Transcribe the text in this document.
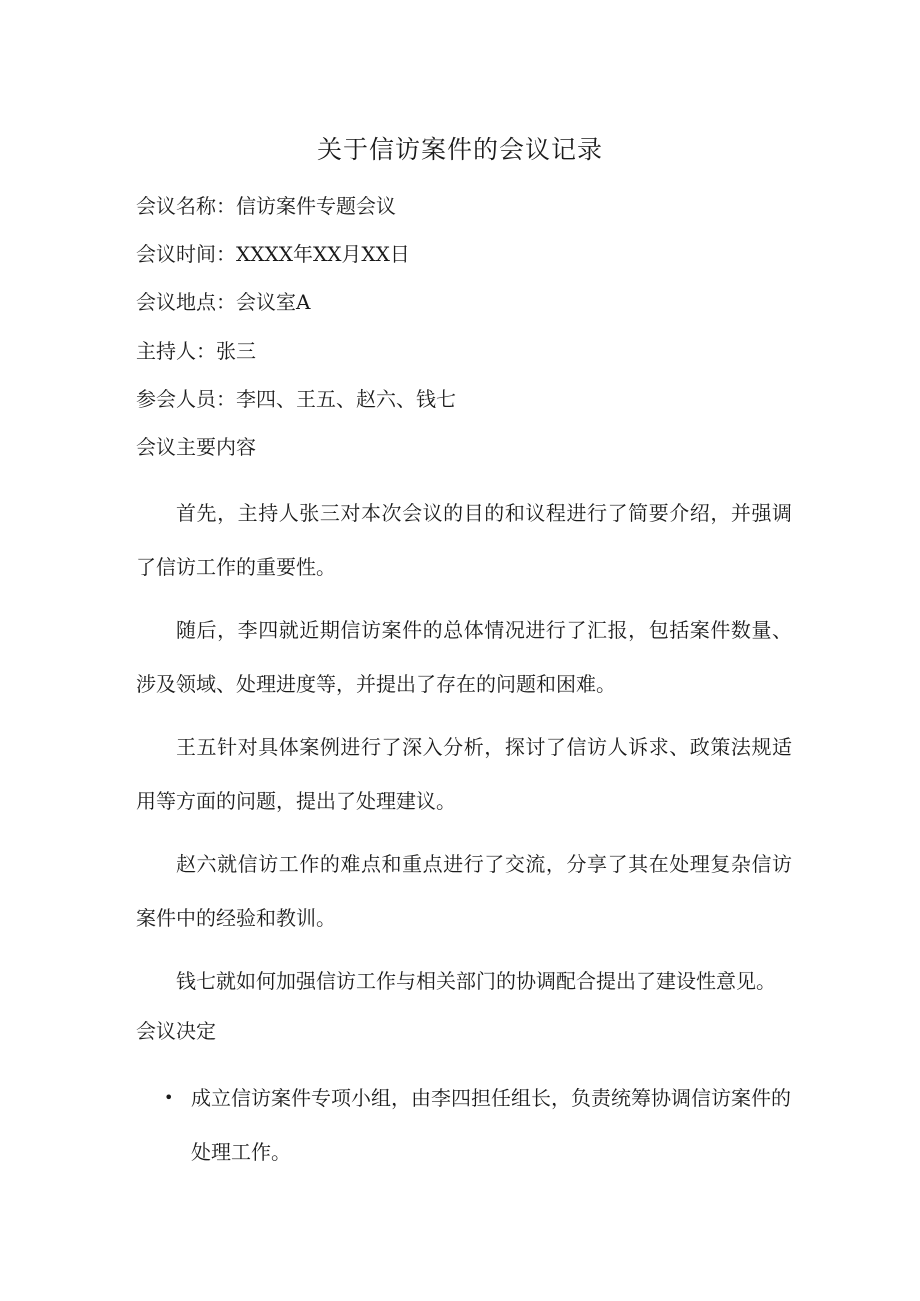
关于信访案件的会议记录
会议名称：信访案件专题会议
会议时间：XXXX年XX月XX日
会议地点：会议室A
主持人：张三
参会人员：李四、王五、赵六、钱七
会议主要内容
首先，主持人张三对本次会议的目的和议程进行了简要介绍，并强调了信访工作的重要性。
随后，李四就近期信访案件的总体情况进行了汇报，包括案件数量、涉及领域、处理进度等，并提出了存在的问题和困难。
王五针对具体案例进行了深入分析，探讨了信访人诉求、政策法规适用等方面的问题，提出了处理建议。
赵六就信访工作的难点和重点进行了交流，分享了其在处理复杂信访案件中的经验和教训。
钱七就如何加强信访工作与相关部门的协调配合提出了建设性意见。
会议决定
• 成立信访案件专项小组，由李四担任组长，负责统筹协调信访案件的处理工作。
